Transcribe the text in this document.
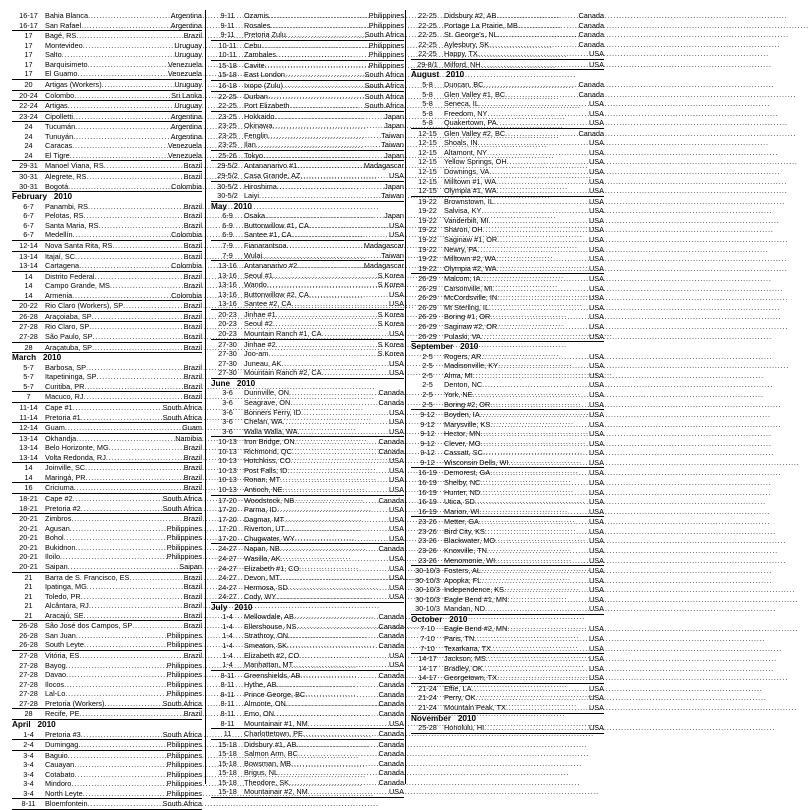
16-17 Bahia Blanca . . .	Argentina
16-17 San Rafael . . .	Argentina
17	Bagé, RS . . .	Brazil
17	Montevideo . . .	Uruguay
17	Salto . . .	Uruguay
17	Barquisimeto . . .	Venezuela
17	El Guamo . . .	Venezuela
20	Artigas (Workers) . . .	Uruguay
20-24 Colombo . . .	Sri Lanka
22-24 Artigas . . .	Uruguay
23-24 Cipolletti . . .	Argentina
24	Tucumán . . .	Argentina
24	Tunuyán . . .	Argentina
24	Caracas . . .	Venezuela
24	El Tigre . . .	Venezuela
29-31 Manoel Viana, RS . . .	Brazil
30-31 Alegrete, RS . . .	Brazil
30-31 Bogotá . . .	Colombia
February   2010
6-7	Panambi, RS . . .	Brazil
6-7	Pelotas, RS . . .	Brazil
6-7	Santa Maria, RS . . .	Brazil
6-7	Medellín . . .	Colombia
12-14 Nova Santa Rita, RS . . .	Brazil
13-14 Itajaí, SC . . .	Brazil
13-14 Cartagena . . .	Colombia
14	Distrito Federal . . .	Brazil
14	Campo Grande, MS . . .	Brazil
14	Armenia . . .	Colombia
20-22 Rio Claro (Workers), SP . . .	Brazil
26-28 Araçoiaba, SP . . .	Brazil
27-28 Rio Claro, SP . . .	Brazil
27-28 São Paulo, SP . . .	Brazil
28	Araçatuba, SP . . .	Brazil
March   2010
5-7	Barbosa, SP . . .	Brazil
5-7	Itapetininga, SP . . .	Brazil
5-7	Curitiba, PR . . .	Brazil
7	Macuco, RJ . . .	Brazil
11-14	Cape #1 . . .	South Africa
11-14	Pretoria #1 . . .	South Africa
12-14 Guam . . .	Guam
13-14 Okhandja . . .	Namibia
13-14 Belo Horizonte, MG . . .	Brazil
13-14 Volta Redonda, RJ . . .	Brazil
14	Joinville, SC . . .	Brazil
14	Maringá, PR . . .	Brazil
16	Criciuma . . .	Brazil
18-21 Cape #2 . . .	South Africa
18-21 Pretoria #2 . . .	South Africa
20-21 Zimbros . . .	Brazil
20-21 Agusan . . .	Philippines
20-21 Bohol . . .	Philippines
20-21 Bukidnon . . .	Philippines
20-21 Iloilo . . .	Philippines
20-21 Saipan . . .	Saipan
21	Barra de S. Francisco, ES . . .	Brazil
21	Ipatinga, MG . . .	Brazil
21	Toledo, PR . . .	Brazil
21	Alcântara, RJ . . .	Brazil
21	Aracajú, SE . . .	Brazil
26-28 São José dos Campos, SP . . .	Brazil
26-28 San Juan . . .	Philippines
26-28 South Leyte . . .	Philippines
27-28 Vitória, ES . . .	Brazil
27-28 Bayog . . .	Philippines
27-28 Davao . . .	Philippines
27-28 Ilocos . . .	Philippines
27-28 Lal-Lo . . .	Philippines
27-28 Pretoria (Workers) . . .	South Africa
28	Recife, PE . . .	Brazil
April   2010
1-4	Pretoria #3 . . .	South Africa
2-4	Dumingag . . .	Philippines
3-4	Baguio . . .	Philippines
3-4	Cauayan . . .	Philippines
3-4	Cotabato . . .	Philippines
3-4	Mindoro . . .	Philippines
3-4	North Leyte . . .	Philippines
8-11	Bloemfontein . . .	South Africa
9-11	Ozamis . . .	Philippines
9-11	Rosales . . .	Philippines
9-11	Pretoria Zulu . . .	South Africa
10-11	Cebu . . .	Philippines
10-11	Zambales . . .	Philippines
15-18 Cavite . . .	Philippines
15-18 East London . . .	South Africa
16-18 Ixopo (Zulu) . . .	South Africa
22-25 Durban . . .	South Africa
22-25 Port Elizabeth . . .	South Africa
23-25 Hokkaido . . .	Japan
23-25 Okinawa . . .	Japan
23-25 Fenglin . . .	Taiwan
23-25 Ilan . . .	Taiwan
25-26 Tokyo . . .	Japan
29-5/2 Antananarivo #1 . . .	Madagascar
29-5/2 Casa Grande, AZ . . .	USA
30-5/2 Hiroshima . . .	Japan
30-5/2 Laiyi . . .	Taiwan
May   2010
6-9	Osaka . . .	Japan
6-9	Buttonwillow #1, CA . . .	USA
6-9	Santee #1, CA . . .	USA
7-9	Fianarantsoa . . .	Madagascar
7-9	Wulai . . .	Taiwan
13-16 Antananarivo #2 . . .	Madagascar
13-16 Seoul #1 . . .	S Korea
13-16 Wando . . .	S Korea
13-16 Buttonwillow #2, CA . . .	USA
13-16 Santee #2, CA . . .	USA
20-23 Jinhae #1 . . .	S Korea
20-23 Seoul #2 . . .	S Korea
20-23 Mountain Ranch #1, CA . . .	USA
27-30 Jinhae #2 . . .	S Korea
27-30 Joo-am . . .	S Korea
27-30 Juneau, AK . . .	USA
27-30 Mountain Ranch #2, CA . . .	USA
June   2010
3-6	Dunnville, ON . . .	Canada
3-6	Seagrave, ON . . .	Canada
3-6	Bonners Ferry, ID . . .	USA
3-6	Chelan, WA . . .	USA
3-6	Walla Walla, WA . . .	USA
10-13 Iron Bridge, ON . . .	Canada
10-13 Richmond, QC . . .	Canada
10-13 Hotchkiss, CO . . .	USA
10-13 Post Falls, ID . . .	USA
10-13 Ronan, MT . . .	USA
10-13 Antioch, NE . . .	USA
17-20 Woodstock, NB . . .	Canada
17-20 Parma, ID . . .	USA
17-20 Dagmar, MT . . .	USA
17-20 Riverton, UT . . .	USA
17-20 Chugwater, WY . . .	USA
24-27 Napan, NB . . .	Canada
24-27 Wasilla, AK . . .	USA
24-27 Elizabeth #1, CO . . .	USA
24-27 Devon, MT . . .	USA
24-27 Hermosa, SD . . .	USA
24-27 Cody, WY . . .	USA
July   2010
1-4	Mellowdale, AB . . .	Canada
1-4	Ellershouse, NS . . .	Canada
1-4	Strathroy, ON . . .	Canada
1-4	Smeaton, SK . . .	Canada
1-4	Elizabeth #2, CO . . .	USA
1-4	Manhattan, MT . . .	USA
8-11	Greenshields, AB . . .	Canada
8-11	Hythe, AB . . .	Canada
8-11	Prince George, BC . . .	Canada
8-11	Almonte, ON . . .	Canada
8-11	Emo, ON . . .	Canada
8-11	Mountainair #1, NM . . .	USA
11	Charlottetown, PE . . .	Canada
15-18 Didsbury #1, AB . . .	Canada
15-18 Salmon Arm, BC . . .	Canada
15-18 Bowsman, MB . . .	Canada
15-18 Brigus, NL . . .	Canada
15-18 Theodore, SK . . .	Canada
15-18 Mountainair #2, NM . . .	USA
22-25 Didsbury #2, AB . . .	Canada
22-25 Portage La Prairie, MB . . .	Canada
22-25 St. George's, NL . . .	Canada
22-25 Aylesbury, SK . . .	Canada
22-25 Happy, TX . . .	USA
29-8/1 Milford, NH . . .	USA
August   2010
5-8	Duncan, BC . . .	Canada
5-8	Glen Valley #1, BC . . .	Canada
5-8	Seneca, IL . . .	USA
5-8	Freedom, NY . . .	USA
5-8	Quakertown, PA . . .	USA
12-15 Glen Valley #2, BC . . .	Canada
12-15 Shoals, IN . . .	USA
12-15 Altamont, NY . . .	USA
12-15 Yellow Springs, OH . . .	USA
12-15 Downings, VA . . .	USA
12-15 Milltown #1, WA . . .	USA
12-15 Olympia #1, WA . . .	USA
19-22 Brownstown, IL . . .	USA
19-22 Salvisa, KY . . .	USA
19-22 Vanderbilt, MI . . .	USA
19-22 Sharon, OH . . .	USA
19-22 Saginaw #1, OR . . .	USA
19-22 Newry, PA . . .	USA
19-22 Milltown #2, WA . . .	USA
19-22 Olympia #2, WA . . .	USA
26-29 Malcom, IA . . .	USA
26-29 Carsonville, MI . . .	USA
26-29 McCordsville, IN . . .	USA
26-29 Mt Sterling, IL . . .	USA
26-29 Boring #1, OR . . .	USA
26-29 Saginaw #2, OR . . .	USA
26-29 Pulaski, VA . . .	USA
September   2010
2-5	Rogers, AR . . .	USA
2-5	Madisonville, KY . . .	USA
2-5	Alma, MI . . .	USA
2-5	Denton, NC . . .	USA
2-5	York, NE . . .	USA
2-5	Boring #2, OR . . .	USA
9-12	Boyden, IA . . .	USA
9-12	Marysville, KS . . .	USA
9-12	Hector, MN . . .	USA
9-12	Clever, MO . . .	USA
9-12	Cassatt, SC . . .	USA
9-12	Wisconsin Dells, WI . . .	USA
16-19 Demorest, GA . . .	USA
16-19 Shelby, NC . . .	USA
16-19 Hunter, ND . . .	USA
16-19 Utica, SD . . .	USA
16-19 Marion, WI . . .	USA
23-26 Metter, GA . . .	USA
23-26 Bird City, KS . . .	USA
23-26 Blackwater, MO . . .	USA
23-26 Knoxville, TN . . .	USA
23-26 Menomonie, WI . . .	USA
30-10/3 Fosters, AL . . .	USA
30-10/3 Apopka, FL . . .	USA
30-10/3 Independence, KS . . .	USA
30-10/3 Eagle Bend #1, MN . . .	USA
30-10/3 Mandan, ND . . .	USA
October   2010
7-10	Eagle Bend #2, MN . . .	USA
7-10	Paris, TN . . .	USA
7-10	Texarkana, TX . . .	USA
14-17 Jackson, MS . . .	USA
14-17 Bradley, OK . . .	USA
14-17 Georgetown, TX . . .	USA
21-24 Effie, LA . . .	USA
21-24 Perry, OK . . .	USA
21-24 Mountain Peak, TX . . .	USA
November   2010
25-28 Honolulu, HI . . .	USA
